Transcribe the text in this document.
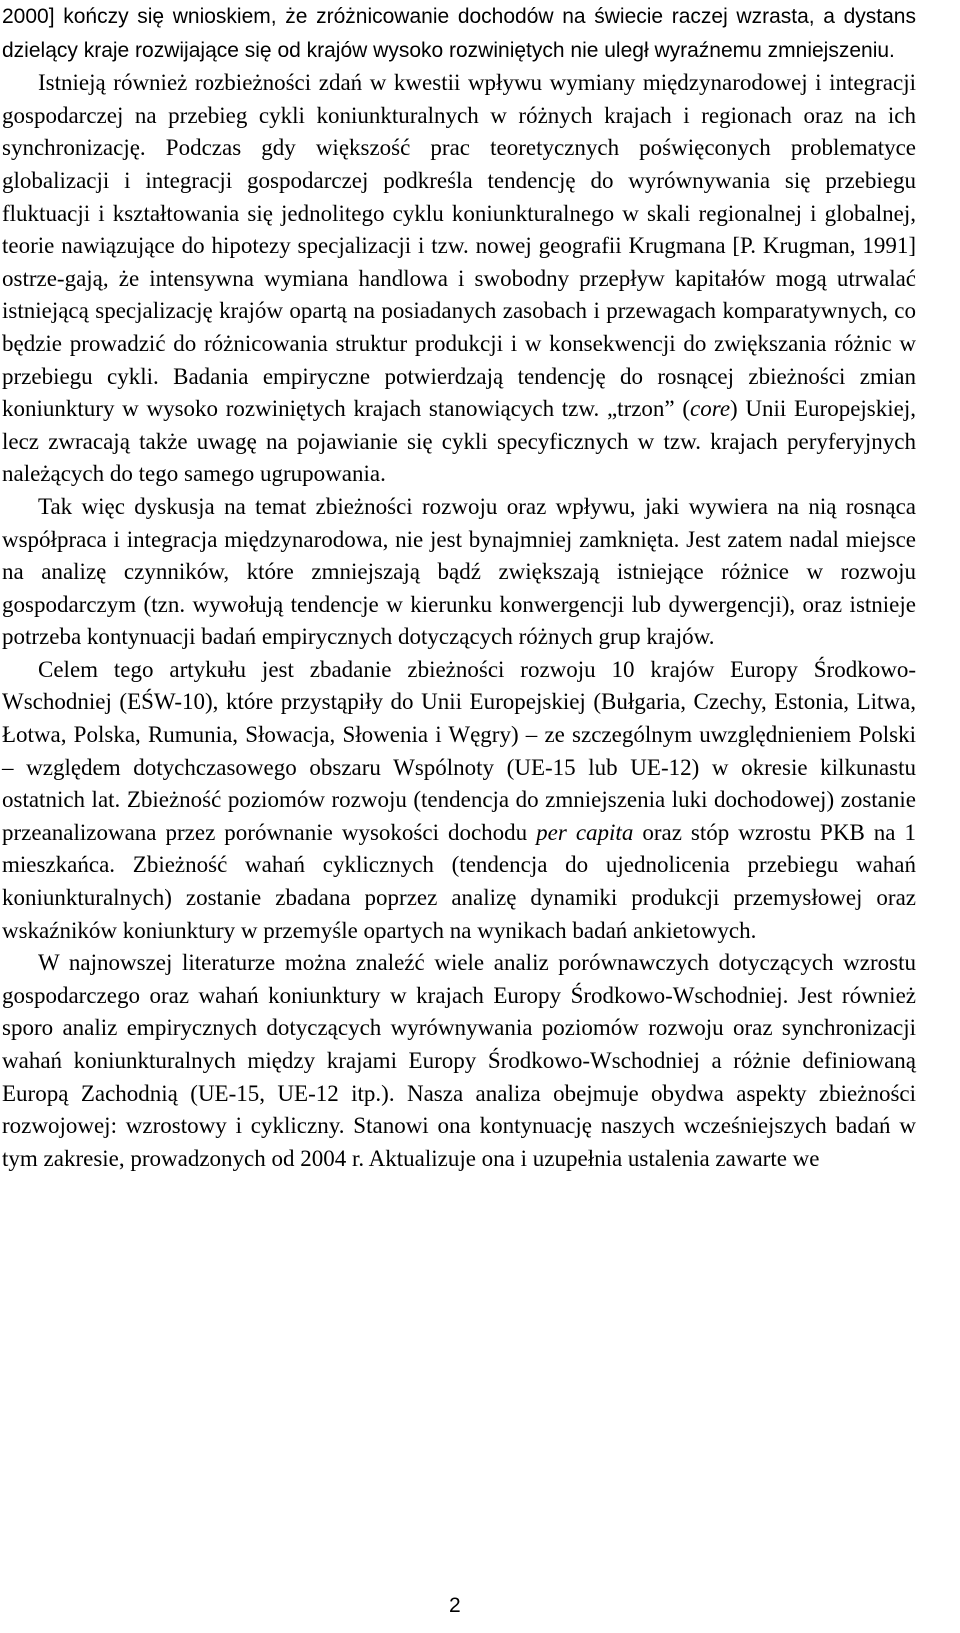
2000] kończy się wnioskiem, że zróżnicowanie dochodów na świecie raczej wzrasta, a dystans dzielący kraje rozwijające się od krajów wysoko rozwiniętych nie uległ wyraźnemu zmniejszeniu.

Istnieją również rozbieżności zdań w kwestii wpływu wymiany międzynarodowej i integracji gospodarczej na przebieg cykli koniunkturalnych w różnych krajach i regionach oraz na ich synchronizację. Podczas gdy większość prac teoretycznych poświęconych problematyce globalizacji i integracji gospodarczej podkreśla tendencję do wyrównywania się przebiegu fluktuacji i kształtowania się jednolitego cyklu koniunkturalnego w skali regionalnej i globalnej, teorie nawiązujące do hipotezy specjalizacji i tzw. nowej geografii Krugmana [P. Krugman, 1991] ostrze-gają, że intensywna wymiana handlowa i swobodny przepływ kapitałów mogą utrwalać istniejącą specjalizację krajów opartą na posiadanych zasobach i przewagach komparatywnych, co będzie prowadzić do różnicowania struktur produkcji i w konsekwencji do zwiększania różnic w przebiegu cykli. Badania empiryczne potwierdzają tendencję do rosnącej zbieżności zmian koniunktury w wysoko rozwiniętych krajach stanowiących tzw. „trzon” (core) Unii Europejskiej, lecz zwracają także uwagę na pojawianie się cykli specyficznych w tzw. krajach peryferyjnych należących do tego samego ugrupowania.

Tak więc dyskusja na temat zbieżności rozwoju oraz wpływu, jaki wywiera na nią rosnąca współpraca i integracja międzynarodowa, nie jest bynajmniej zamknięta. Jest zatem nadal miejsce na analizę czynników, które zmniejszają bądź zwiększają istniejące różnice w rozwoju gospodarczym (tzn. wywołują tendencje w kierunku konwergencji lub dywergencji), oraz istnieje potrzeba kontynuacji badań empirycznych dotyczących różnych grup krajów.

Celem tego artykułu jest zbadanie zbieżności rozwoju 10 krajów Europy Środkowo-Wschodniej (EŚW-10), które przystąpiły do Unii Europejskiej (Bułgaria, Czechy, Estonia, Litwa, Łotwa, Polska, Rumunia, Słowacja, Słowenia i Węgry) – ze szczególnym uwzględnieniem Polski – względem dotychczasowego obszaru Wspólnoty (UE-15 lub UE-12) w okresie kilkunastu ostatnich lat. Zbieżność poziomów rozwoju (tendencja do zmniejszenia luki dochodowej) zostanie przeanalizowana przez porównanie wysokości dochodu per capita oraz stóp wzrostu PKB na 1 mieszkańca. Zbieżność wahań cyklicznych (tendencja do ujednolicenia przebiegu wahań koniunkturalnych) zostanie zbadana poprzez analizę dynamiki produkcji przemysłowej oraz wskaźników koniunktury w przemyśle opartych na wynikach badań ankietowych.

W najnowszej literaturze można znaleźć wiele analiz porównawczych dotyczących wzrostu gospodarczego oraz wahań koniunktury w krajach Europy Środkowo-Wschodniej. Jest również sporo analiz empirycznych dotyczących wyrównywania poziomów rozwoju oraz synchronizacji wahań koniunkturalnych między krajami Europy Środkowo-Wschodniej a różnie definiowaną Europą Zachodnią (UE-15, UE-12 itp.). Nasza analiza obejmuje obydwa aspekty zbieżności rozwojowej: wzrostowy i cykliczny. Stanowi ona kontynuację naszych wcześniejszych badań w tym zakresie, prowadzonych od 2004 r. Aktualizuje ona i uzupełnia ustalenia zawarte we

2
